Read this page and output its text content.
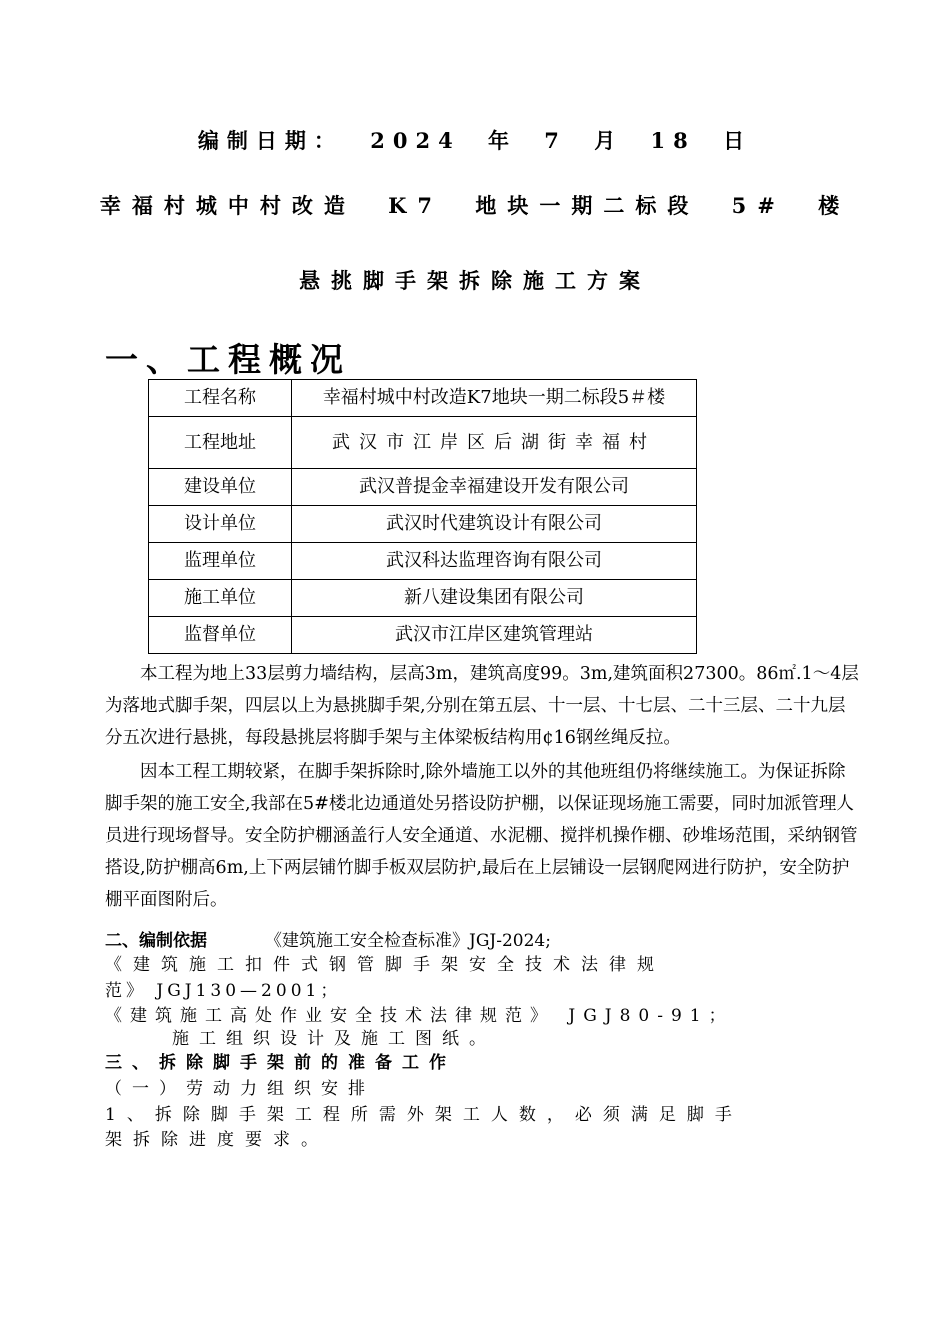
编制日期： 2024 年 7 月 18 日
幸福村城中村改造 K7 地块一期二标段 5# 楼
悬挑脚手架拆除施工方案
一、工程概况
工程名称	幸福村城中村改造K7地块一期二标段5＃楼
工程地址	武汉市江岸区后湖街幸福村
建设单位	武汉普提金幸福建设开发有限公司
设计单位	武汉时代建筑设计有限公司
监理单位	武汉科达监理咨询有限公司
施工单位	新八建设集团有限公司
监督单位	武汉市江岸区建筑管理站
本工程为地上33层剪力墙结构，层高3m，建筑高度99。3m,建筑面积27300。86㎡.1～4层为落地式脚手架，四层以上为悬挑脚手架,分别在第五层、十一层、十七层、二十三层、二十九层分五次进行悬挑，每段悬挑层将脚手架与主体梁板结构用¢16钢丝绳反拉。
因本工程工期较紧，在脚手架拆除时,除外墙施工以外的其他班组仍将继续施工。为保证拆除脚手架的施工安全,我部在5#楼北边通道处另搭设防护棚，以保证现场施工需要，同时加派管理人员进行现场督导。安全防护棚涵盖行人安全通道、水泥棚、搅拌机操作棚、砂堆场范围，采纳钢管搭设,防护棚高6m,上下两层铺竹脚手板双层防护,最后在上层铺设一层钢爬网进行防护，安全防护棚平面图附后。
二、编制依据	《建筑施工安全检查标准》JGJ-2024;
《建筑施工扣件式钢管脚手架安全技术法律规
范》 JGJ130—2001；
《建筑施工高处作业安全技术法律规范》 JGJ80-91；
施工组织设计及施工图纸。
三、拆除脚手架前的准备工作
（一）劳动力组织安排
1、拆除脚手架工程所需外架工人数，必须满足脚手
架拆除进度要求。
